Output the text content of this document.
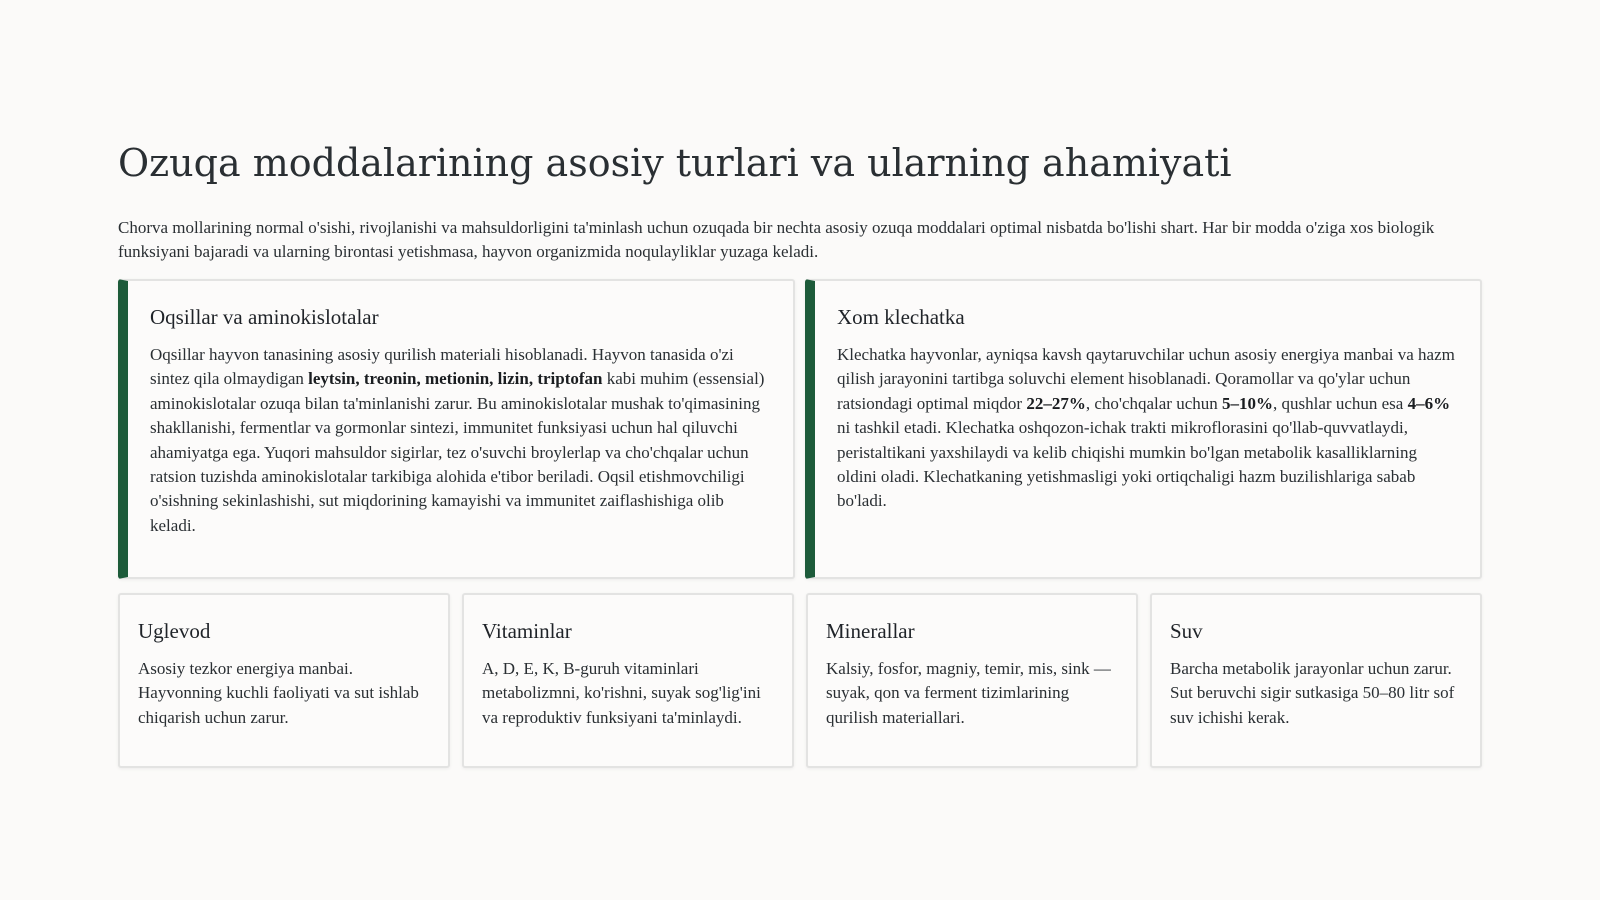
Ozuqa moddalarining asosiy turlari va ularning ahamiyati

Chorva mollarining normal o'sishi, rivojlanishi va mahsuldorligini ta'minlash uchun ozuqada bir nechta asosiy ozuqa moddalari optimal nisbatda bo'lishi shart. Har bir modda o'ziga xos biologik funksiyani bajaradi va ularning birontasi yetishmasa, hayvon organizmida noqulayliklar yuzaga keladi.

Oqsillar va aminokislotalar

Oqsillar hayvon tanasining asosiy qurilish materiali hisoblanadi. Hayvon tanasida o'zi sintez qila olmaydigan leytsin, treonin, metionin, lizin, triptofan kabi muhim (essensial) aminokislotalar ozuqa bilan ta'minlanishi zarur. Bu aminokislotalar mushak to'qimasining shakllanishi, fermentlar va gormonlar sintezi, immunitet funksiyasi uchun hal qiluvchi ahamiyatga ega. Yuqori mahsuldor sigirlar, tez o'suvchi broylerlap va cho'chqalar uchun ratsion tuzishda aminokislotalar tarkibiga alohida e'tibor beriladi. Oqsil etishmovchiligi o'sishning sekinlashishi, sut miqdorining kamayishi va immunitet zaiflashishiga olib keladi.

Xom klechatka

Klechatka hayvonlar, ayniqsa kavsh qaytaruvchilar uchun asosiy energiya manbai va hazm qilish jarayonini tartibga soluvchi element hisoblanadi. Qoramollar va qo'ylar uchun ratsiondagi optimal miqdor 22–27%, cho'chqalar uchun 5–10%, qushlar uchun esa 4–6% ni tashkil etadi. Klechatka oshqozon-ichak trakti mikroflorasini qo'llab-quvvatlaydi, peristaltikani yaxshilaydi va kelib chiqishi mumkin bo'lgan metabolik kasalliklarning oldini oladi. Klechatkaning yetishmasligi yoki ortiqchaligi hazm buzilishlariga sabab bo'ladi.

Uglevod

Asosiy tezkor energiya manbai. Hayvonning kuchli faoliyati va sut ishlab chiqarish uchun zarur.

Vitaminlar

A, D, E, K, B-guruh vitaminlari metabolizmni, ko'rishni, suyak sog'lig'ini va reproduktiv funksiyani ta'minlaydi.

Minerallar

Kalsiy, fosfor, magniy, temir, mis, sink — suyak, qon va ferment tizimlarining qurilish materiallari.

Suv

Barcha metabolik jarayonlar uchun zarur. Sut beruvchi sigir sutkasiga 50–80 litr sof suv ichishi kerak.
